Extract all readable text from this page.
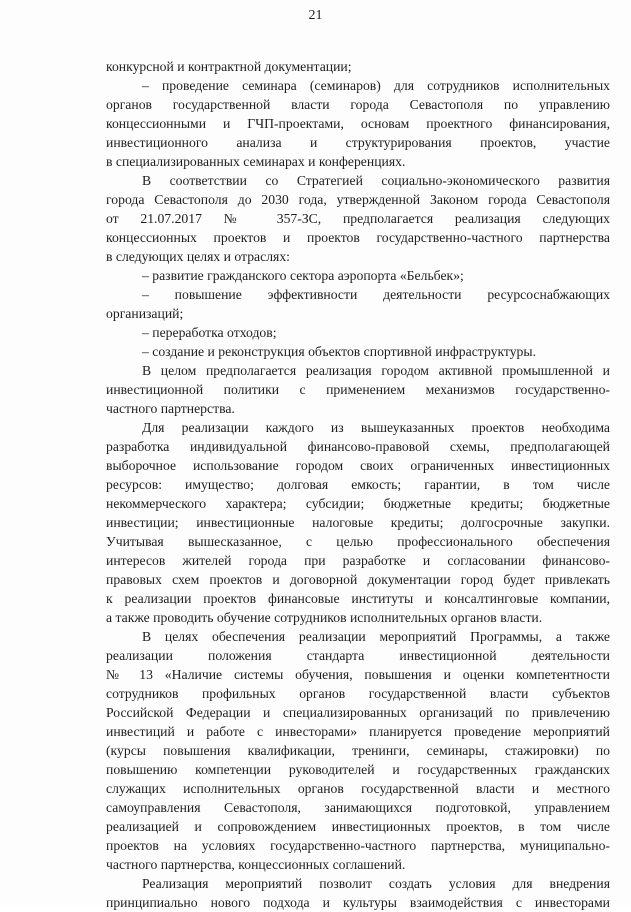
21
конкурсной и контрактной документации;
– проведение семинара (семинаров) для сотрудников исполнительных
органов государственной власти города Севастополя по управлению
концессионными и ГЧП-проектами, основам проектного финансирования,
инвестиционного анализа и структурирования проектов, участие
в специализированных семинарах и конференциях.
В соответствии со Стратегией социально-экономического развития
города Севастополя до 2030 года, утвержденной Законом города Севастополя
от 21.07.2017 № 357-ЗС, предполагается реализация следующих
концессионных проектов и проектов государственно-частного партнерства
в следующих целях и отраслях:
– развитие гражданского сектора аэропорта «Бельбек»;
– повышение эффективности деятельности ресурсоснабжающих
организаций;
– переработка отходов;
– создание и реконструкция объектов спортивной инфраструктуры.
В целом предполагается реализация городом активной промышленной и
инвестиционной политики с применением механизмов государственно-
частного партнерства.
Для реализации каждого из вышеуказанных проектов необходима
разработка индивидуальной финансово-правовой схемы, предполагающей
выборочное использование городом своих ограниченных инвестиционных
ресурсов: имущество; долговая емкость; гарантии, в том числе
некоммерческого характера; субсидии; бюджетные кредиты; бюджетные
инвестиции; инвестиционные налоговые кредиты; долгосрочные закупки.
Учитывая вышесказанное, с целью профессионального обеспечения
интересов жителей города при разработке и согласовании финансово-
правовых схем проектов и договорной документации город будет привлекать
к реализации проектов финансовые институты и консалтинговые компании,
а также проводить обучение сотрудников исполнительных органов власти.
В целях обеспечения реализации мероприятий Программы, а также
реализации положения стандарта инвестиционной деятельности
№ 13 «Наличие системы обучения, повышения и оценки компетентности
сотрудников профильных органов государственной власти субъектов
Российской Федерации и специализированных организаций по привлечению
инвестиций и работе с инвесторами» планируется проведение мероприятий
(курсы повышения квалификации, тренинги, семинары, стажировки) по
повышению компетенции руководителей и государственных гражданских
служащих исполнительных органов государственной власти и местного
самоуправления Севастополя, занимающихся подготовкой, управлением
реализацией и сопровождением инвестиционных проектов, в том числе
проектов на условиях государственно-частного партнерства, муниципально-
частного партнерства, концессионных соглашений.
Реализация мероприятий позволит создать условия для внедрения
принципиально нового подхода и культуры взаимодействия с инвесторами
